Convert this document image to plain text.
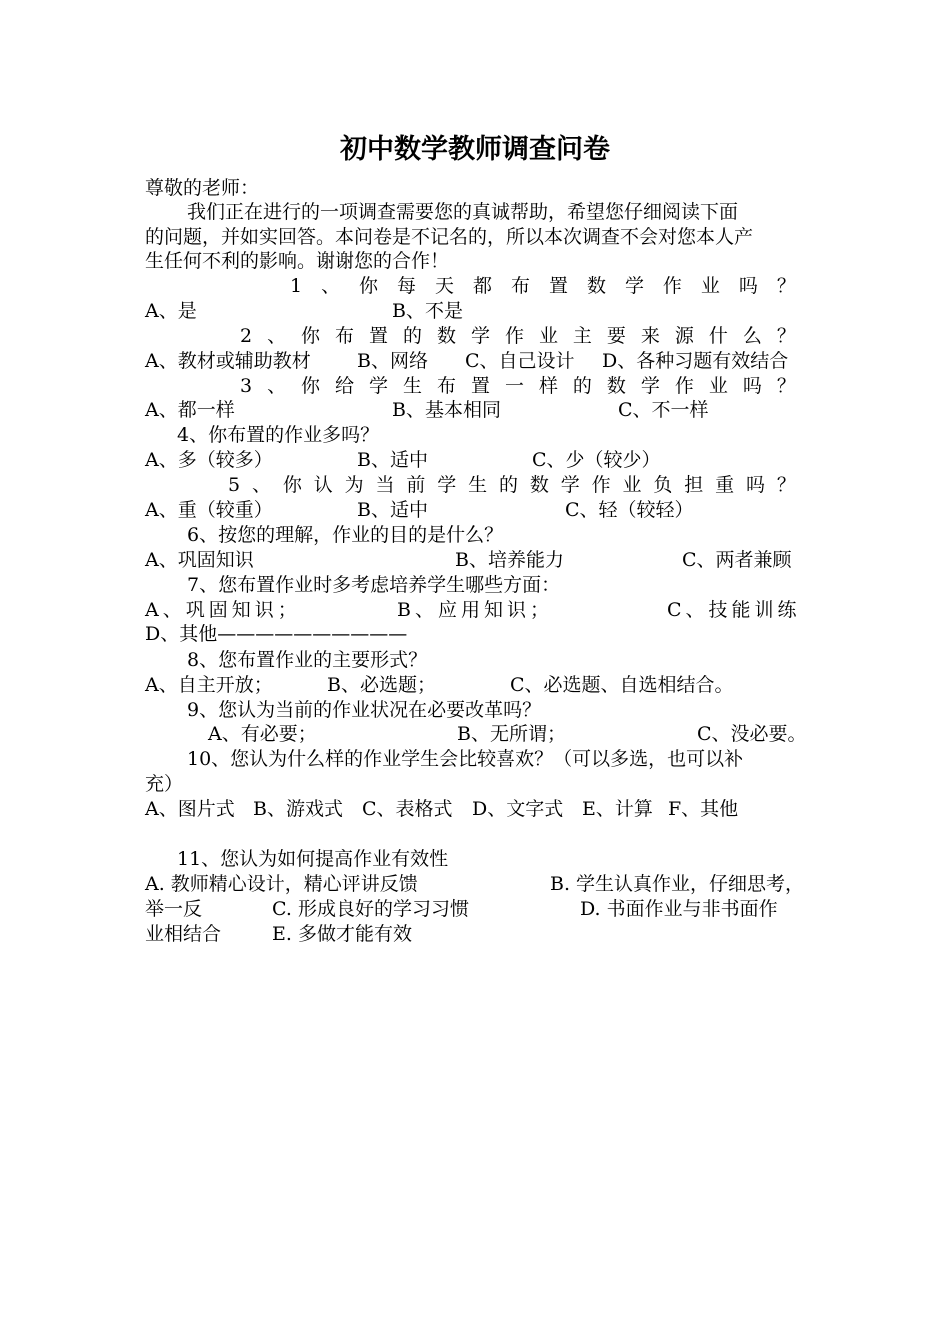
初中数学教师调查问卷
尊敬的老师：
我们正在进行的一项调查需要您的真诚帮助，希望您仔细阅读下面
的问题，并如实回答。本问卷是不记名的，所以本次调查不会对您本人产
生任何不利的影响。谢谢您的合作！
1 、 你 每 天 都 布 置 数 学 作 业 吗 ？
A、是	B、不是
2 、 你 布 置 的 数 学 作 业 主 要 来 源 什 么 ？
A、教材或辅助教材 B、网络 C、自己设计 D、各种习题有效结合
3 、 你 给 学 生 布 置 一 样 的 数 学 作 业 吗 ？
A、都一样	B、基本相同	C、不一样
4、你布置的作业多吗？
A、多（较多）	B、适中	C、少（较少）
5 、 你 认 为 当 前 学 生 的 数 学 作 业 负 担 重 吗 ？
A、重（较重）	B、适中	C、轻（较轻）
6、按您的理解，作业的目的是什么？
A、巩固知识	B、培养能力	C、两者兼顾
7、您布置作业时多考虑培养学生哪些方面：
A、巩固知识；	B、应用知识；	C、技能训练
D、其他——————————
8、您布置作业的主要形式？
A、自主开放；	B、必选题；	C、必选题、自选相结合。
9、您认为当前的作业状况在必要改革吗？
A、有必要；	B、无所谓；	C、没必要。
10、您认为什么样的作业学生会比较喜欢？（可以多选，也可以补
充）
A、图片式 B、游戏式 C、表格式 D、文字式 E、计算 F、其他
11、您认为如何提高作业有效性
A. 教师精心设计，精心评讲反馈	B. 学生认真作业，仔细思考，
举一反	C. 形成良好的学习习惯	D. 书面作业与非书面作
业相结合	E. 多做才能有效
